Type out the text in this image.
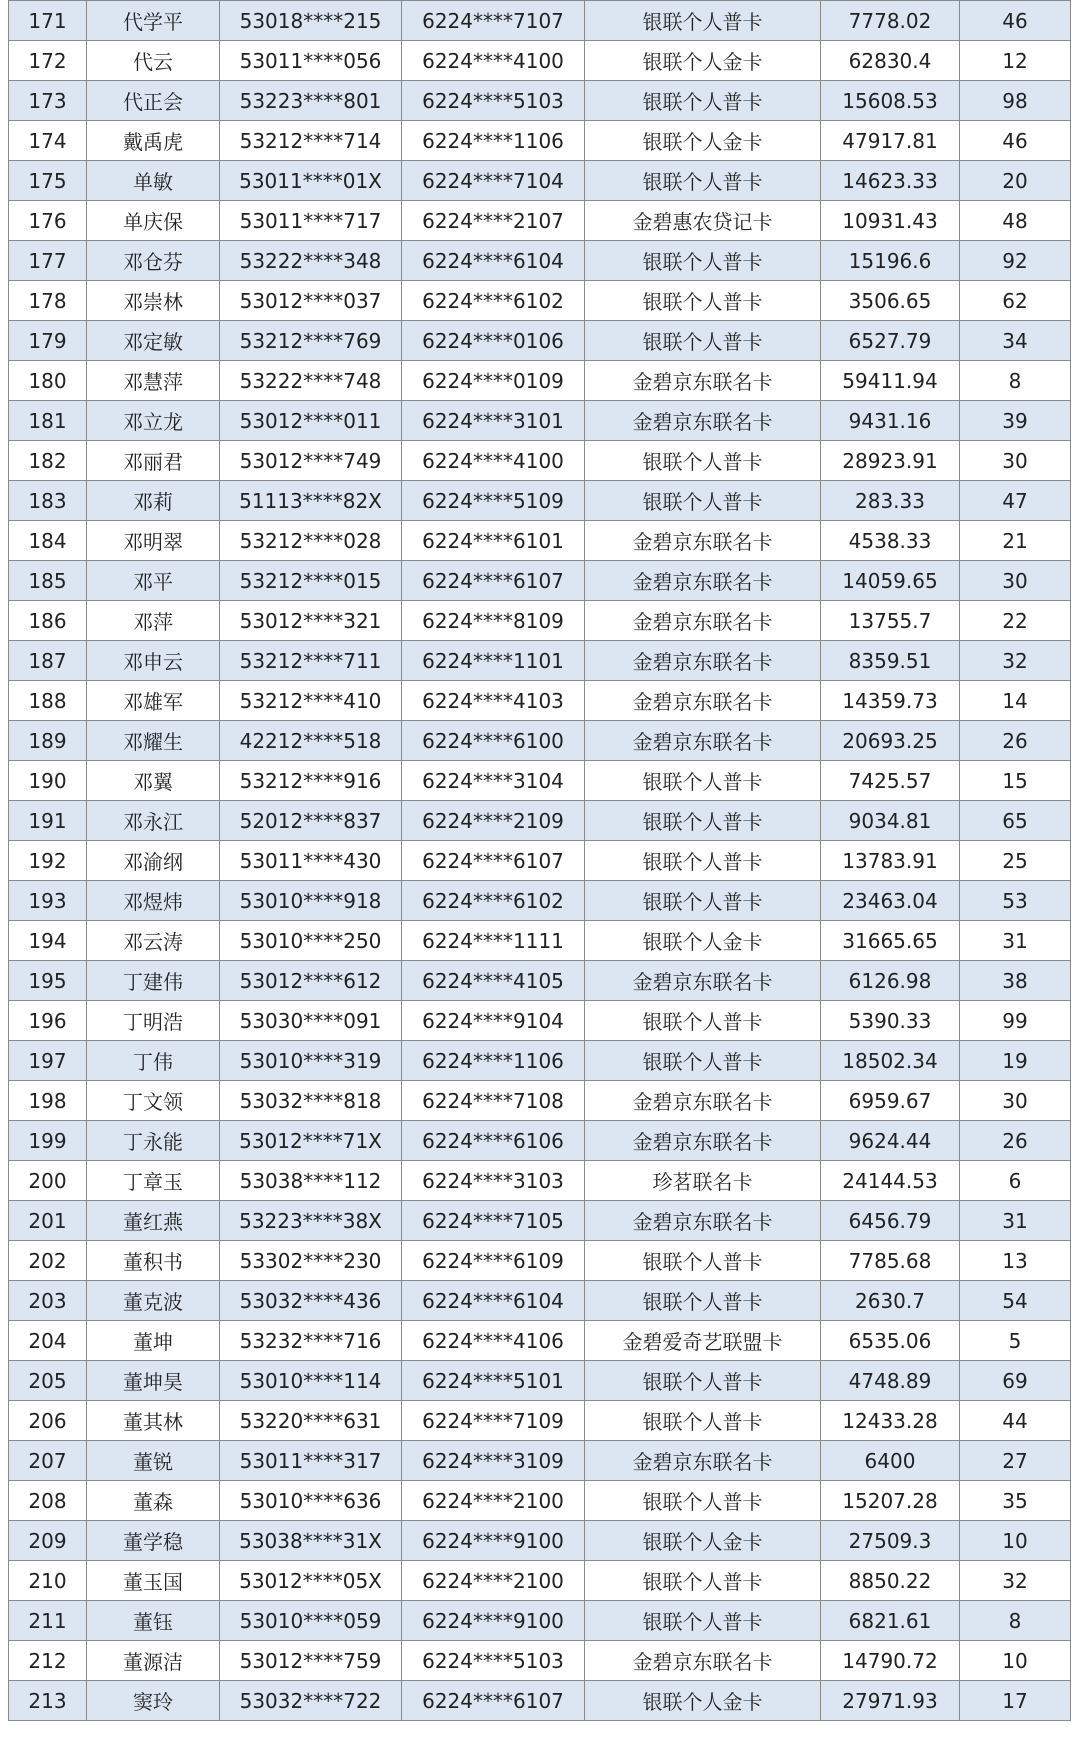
171	代学平	53018****215	6224****7107	银联个人普卡	7778.02	46
172	代云	53011****056	6224****4100	银联个人金卡	62830.4	12
173	代正会	53223****801	6224****5103	银联个人普卡	15608.53	98
174	戴禹虎	53212****714	6224****1106	银联个人金卡	47917.81	46
175	单敏	53011****01X	6224****7104	银联个人普卡	14623.33	20
176	单庆保	53011****717	6224****2107	金碧惠农贷记卡	10931.43	48
177	邓仓芬	53222****348	6224****6104	银联个人普卡	15196.6	92
178	邓崇林	53012****037	6224****6102	银联个人普卡	3506.65	62
179	邓定敏	53212****769	6224****0106	银联个人普卡	6527.79	34
180	邓慧萍	53222****748	6224****0109	金碧京东联名卡	59411.94	8
181	邓立龙	53012****011	6224****3101	金碧京东联名卡	9431.16	39
182	邓丽君	53012****749	6224****4100	银联个人普卡	28923.91	30
183	邓莉	51113****82X	6224****5109	银联个人普卡	283.33	47
184	邓明翠	53212****028	6224****6101	金碧京东联名卡	4538.33	21
185	邓平	53212****015	6224****6107	金碧京东联名卡	14059.65	30
186	邓萍	53012****321	6224****8109	金碧京东联名卡	13755.7	22
187	邓申云	53212****711	6224****1101	金碧京东联名卡	8359.51	32
188	邓雄军	53212****410	6224****4103	金碧京东联名卡	14359.73	14
189	邓耀生	42212****518	6224****6100	金碧京东联名卡	20693.25	26
190	邓翼	53212****916	6224****3104	银联个人普卡	7425.57	15
191	邓永江	52012****837	6224****2109	银联个人普卡	9034.81	65
192	邓渝纲	53011****430	6224****6107	银联个人普卡	13783.91	25
193	邓煜炜	53010****918	6224****6102	银联个人普卡	23463.04	53
194	邓云涛	53010****250	6224****1111	银联个人金卡	31665.65	31
195	丁建伟	53012****612	6224****4105	金碧京东联名卡	6126.98	38
196	丁明浩	53030****091	6224****9104	银联个人普卡	5390.33	99
197	丁伟	53010****319	6224****1106	银联个人普卡	18502.34	19
198	丁文领	53032****818	6224****7108	金碧京东联名卡	6959.67	30
199	丁永能	53012****71X	6224****6106	金碧京东联名卡	9624.44	26
200	丁章玉	53038****112	6224****3103	珍茗联名卡	24144.53	6
201	董红燕	53223****38X	6224****7105	金碧京东联名卡	6456.79	31
202	董积书	53302****230	6224****6109	银联个人普卡	7785.68	13
203	董克波	53032****436	6224****6104	银联个人普卡	2630.7	54
204	董坤	53232****716	6224****4106	金碧爱奇艺联盟卡	6535.06	5
205	董坤昊	53010****114	6224****5101	银联个人普卡	4748.89	69
206	董其林	53220****631	6224****7109	银联个人普卡	12433.28	44
207	董锐	53011****317	6224****3109	金碧京东联名卡	6400	27
208	董森	53010****636	6224****2100	银联个人普卡	15207.28	35
209	董学稳	53038****31X	6224****9100	银联个人金卡	27509.3	10
210	董玉国	53012****05X	6224****2100	银联个人普卡	8850.22	32
211	董钰	53010****059	6224****9100	银联个人普卡	6821.61	8
212	董源洁	53012****759	6224****5103	金碧京东联名卡	14790.72	10
213	窦玲	53032****722	6224****6107	银联个人金卡	27971.93	17
